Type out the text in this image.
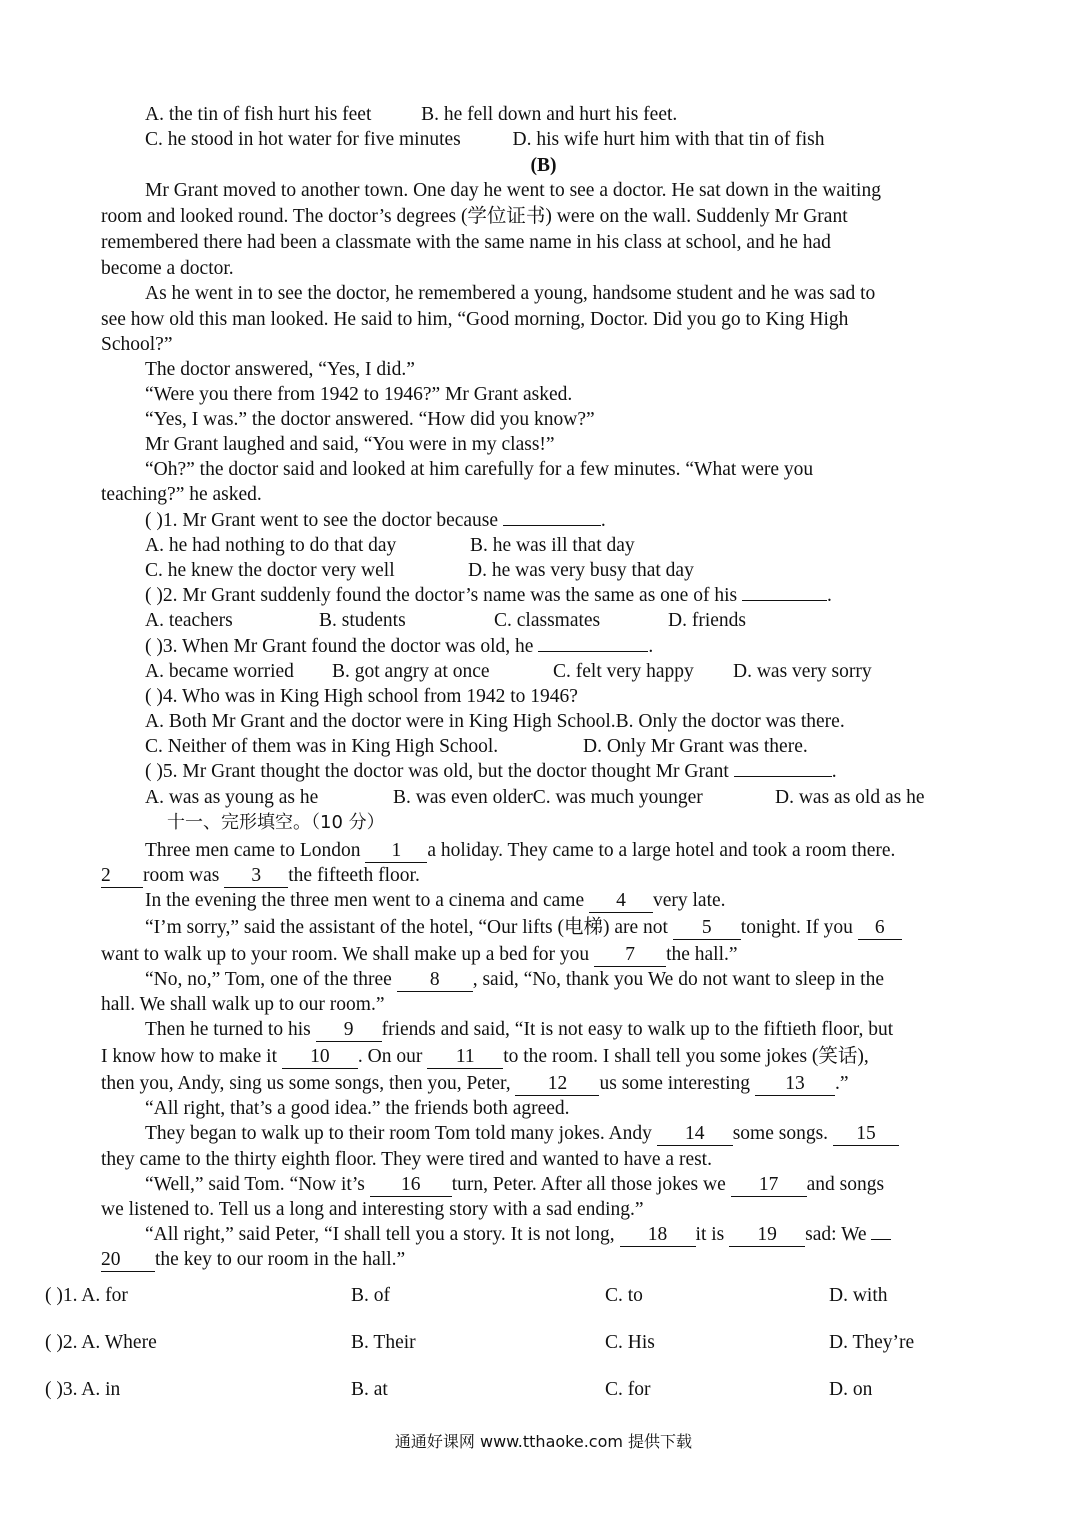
A. the tin of fish hurt his feet	B. he fell down and hurt his feet.
C. he stood in hot water for five minutes	D. his wife hurt him with that tin of fish
(B)
Mr Grant moved to another town. One day he went to see a doctor. He sat down in the waiting
room and looked round. The doctor’s degrees (学位证书) were on the wall. Suddenly Mr Grant
remembered there had been a classmate with the same name in his class at school, and he had
become a doctor.
As he went in to see the doctor, he remembered a young, handsome student and he was sad to
see how old this man looked. He said to him, “Good morning, Doctor. Did you go to King High
School?”
The doctor answered, “Yes, I did.”
“Were you there from 1942 to 1946?” Mr Grant asked.
“Yes, I was.” the doctor answered. “How did you know?”
Mr Grant laughed and said, “You were in my class!”
“Oh?” the doctor said and looked at him carefully for a few minutes. “What were you
teaching?” he asked.
( )1. Mr Grant went to see the doctor because	.
A. he had nothing to do that day	B. he was ill that day
C. he knew the doctor very well	D. he was very busy that day
( )2. Mr Grant suddenly found the doctor’s name was the same as one of his	.
A. teachers	B. students	C. classmates	D. friends
( )3. When Mr Grant found the doctor was old, he	.
A. became worried B. got angry at once	C. felt very happy D. was very sorry
( )4. Who was in King High school from 1942 to 1946?
A. Both Mr Grant and the doctor were in King High School.B. Only the doctor was there.
C. Neither of them was in King High School.	D. Only Mr Grant was there.
( )5. Mr Grant thought the doctor was old, but the doctor thought Mr Grant	.
A. was as young as he	B. was even olderC. was much younger	D. was as old as he
十一、完形填空。（10 分）
Three men came to London 1 a holiday. They came to a large hotel and took a room there.
2 room was 3 the fifteeth floor.
In the evening the three men went to a cinema and came 4 very late.
“I’m sorry,” said the assistant of the hotel, “Our lifts (电梯) are not 5 tonight. If you 6
want to walk up to your room. We shall make up a bed for you 7 the hall.”
“No, no,” Tom, one of the three 8 , said, “No, thank you We do not want to sleep in the
hall. We shall walk up to our room.”
Then he turned to his 9 friends and said, “It is not easy to walk up to the fiftieth floor, but
I know how to make it 10 . On our 11 to the room. I shall tell you some jokes (笑话),
then you, Andy, sing us some songs, then you, Peter, 12 us some interesting 13 .”
“All right, that’s a good idea.” the friends both agreed.
They began to walk up to their room Tom told many jokes. Andy 14 some songs. 15
they came to the thirty eighth floor. They were tired and wanted to have a rest.
“Well,” said Tom. “Now it’s 16 turn, Peter. After all those jokes we 17 and songs
we listened to. Tell us a long and interesting story with a sad ending.”
“All right,” said Peter, “I shall tell you a story. It is not long, 18 it is 19 sad: We
20 the key to our room in the hall.”
( )1. A. for	B. of	C. to	D. with
( )2. A. Where	B. Their	C. His	D. They’re
( )3. A. in	B. at	C. for	D. on
通通好课网 www.tthaoke.com 提供下载
